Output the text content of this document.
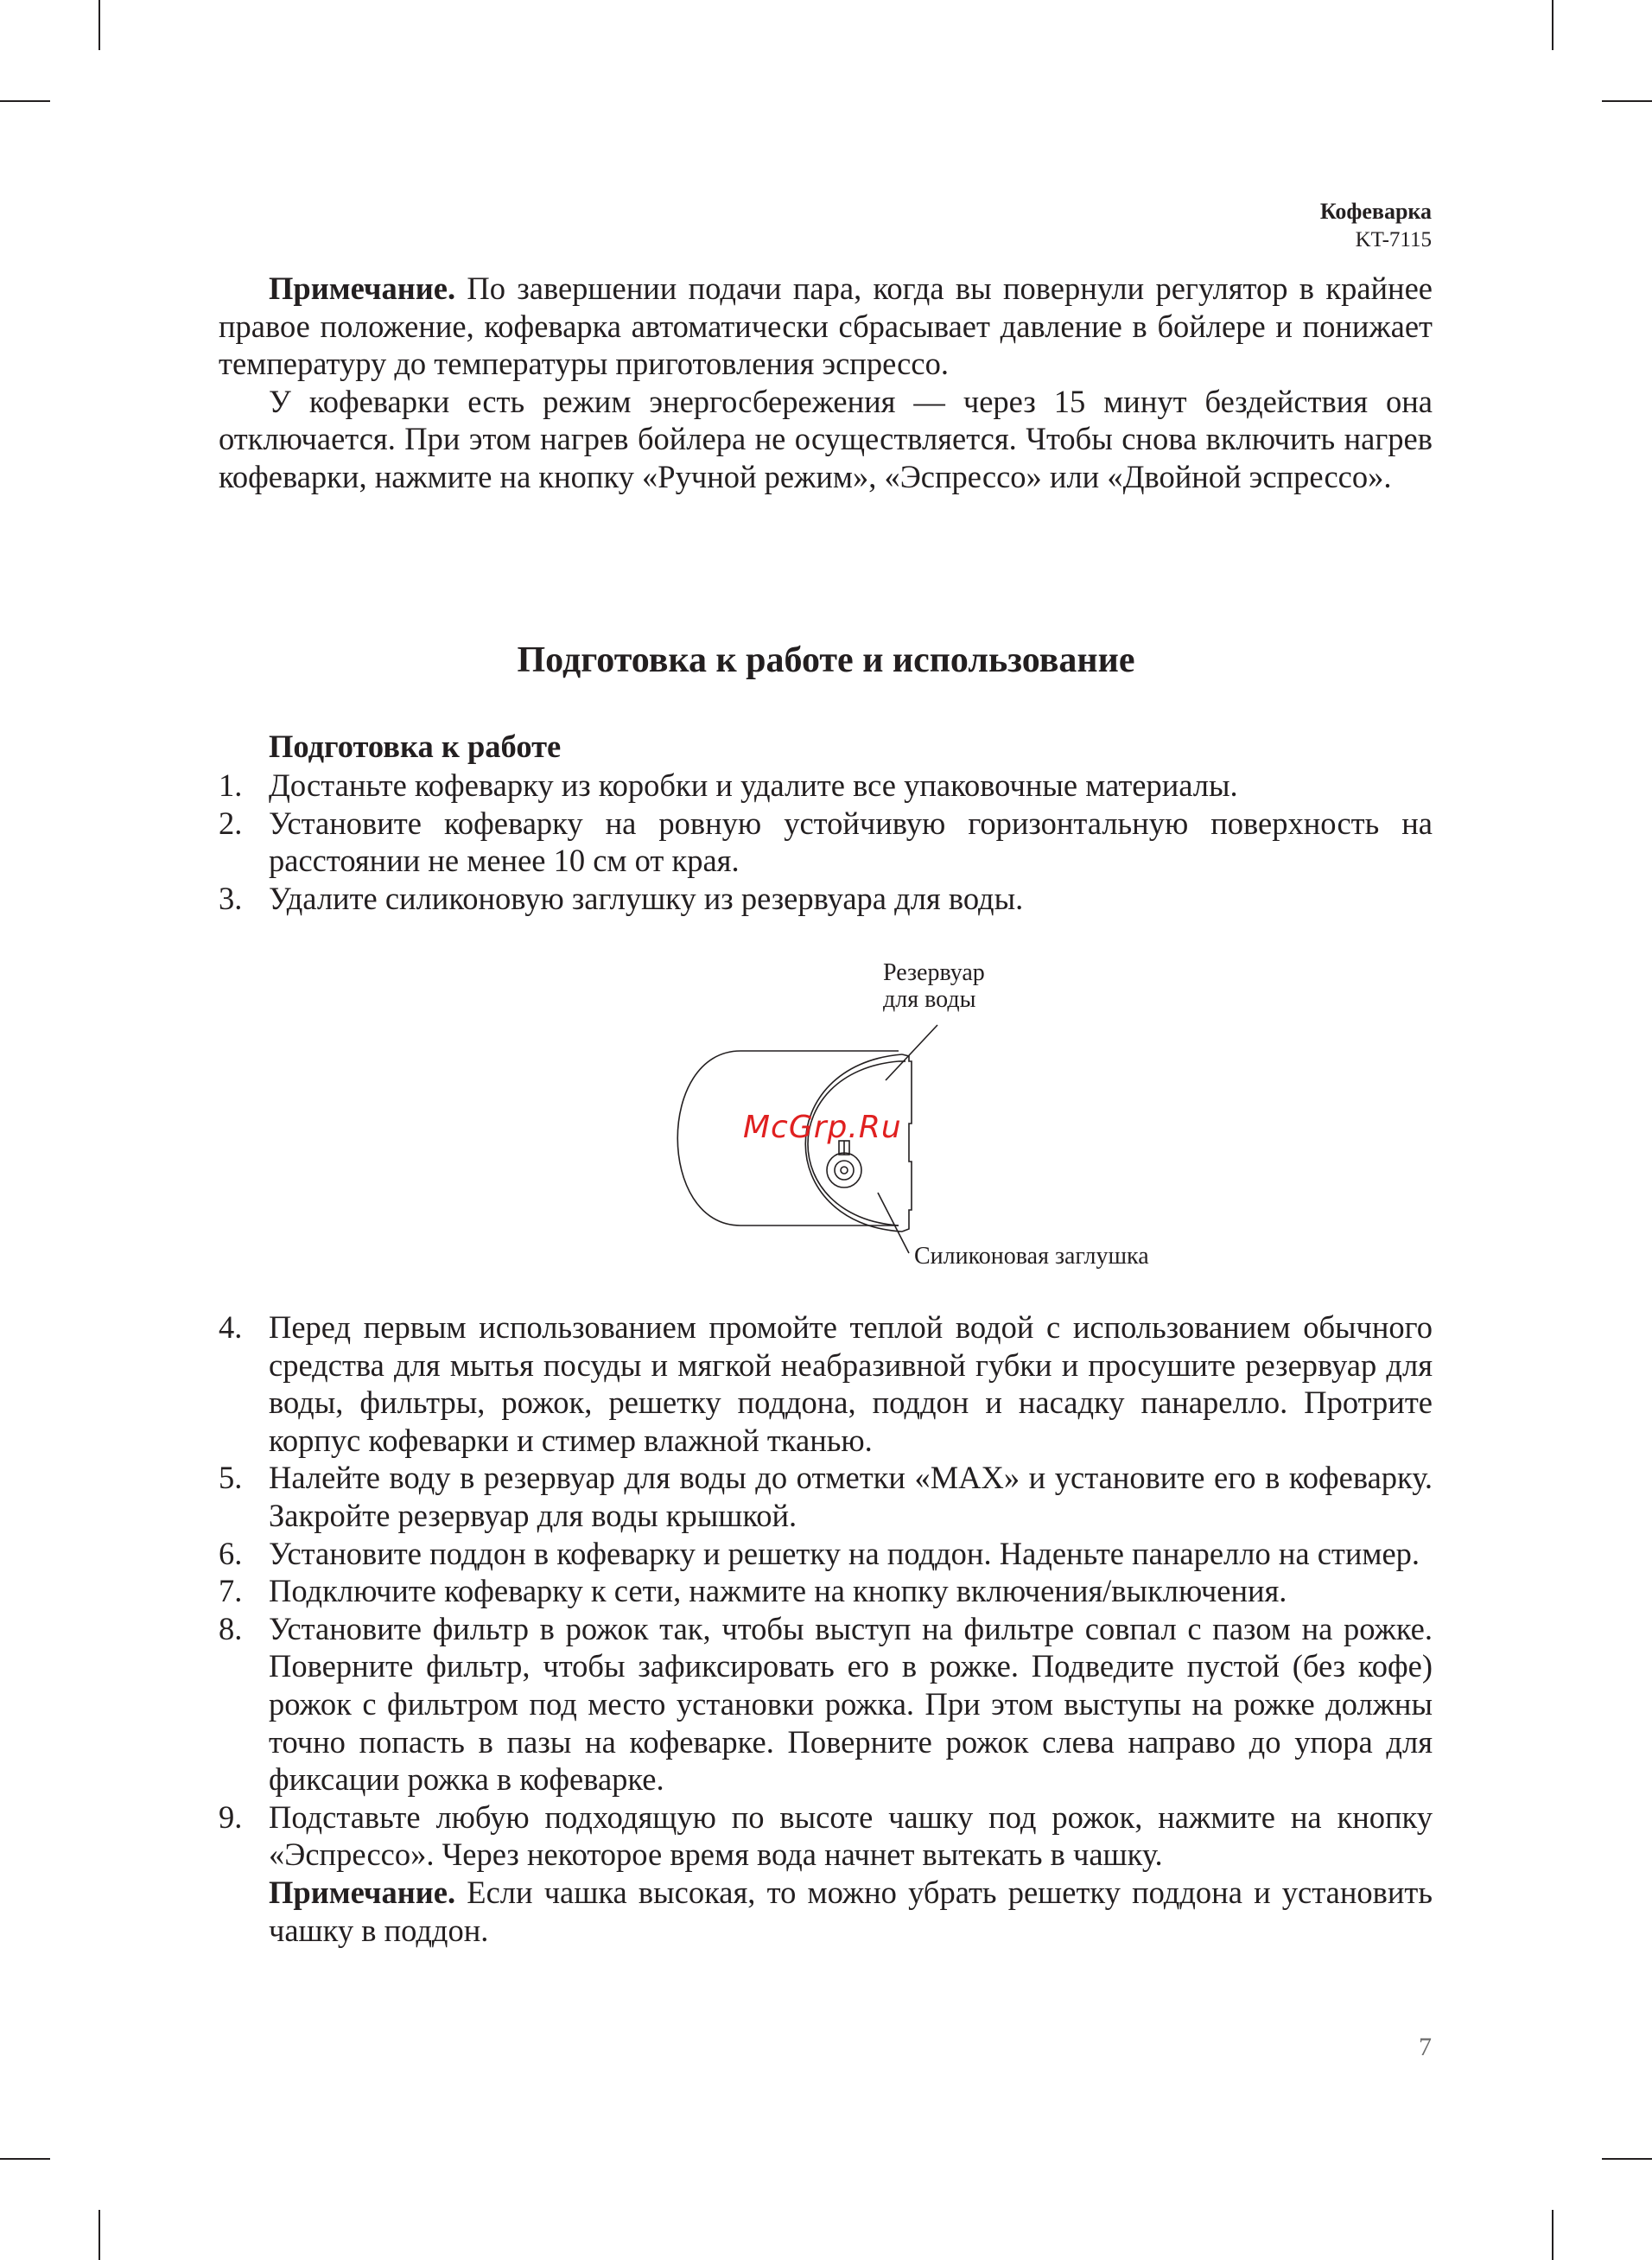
Кофеварка
KT-7115

Примечание. По завершении подачи пара, когда вы повернули регулятор в крайнее правое положение, кофеварка автоматически сбрасывает давление в бойлере и понижает температуру до температуры приготовления эспрессо.

У кофеварки есть режим энергосбережения — через 15 минут бездействия она отключается. При этом нагрев бойлера не осуществляется. Чтобы снова включить нагрев кофеварки, нажмите на кнопку «Ручной режим», «Эспрессо» или «Двойной эспрессо».

Подготовка к работе и использование
Подготовка к работе
1. Достаньте кофеварку из коробки и удалите все упаковочные материалы.
2. Установите кофеварку на ровную устойчивую горизонтальную поверхность на расстоянии не менее 10 см от края.
3. Удалите силиконовую заглушку из резервуара для воды.
Резервуар
для воды
Силиконовая заглушка
McGrp.Ru
4. Перед первым использованием промойте теплой водой с использованием обычного средства для мытья посуды и мягкой неабразивной губки и просушите резервуар для воды, фильтры, рожок, решетку поддона, поддон и насадку панарелло. Протрите корпус кофеварки и стимер влажной тканью.
5. Налейте воду в резервуар для воды до отметки «MAX» и установите его в кофеварку. Закройте резервуар для воды крышкой.
6. Установите поддон в кофеварку и решетку на поддон. Наденьте панарелло на стимер.
7. Подключите кофеварку к сети, нажмите на кнопку включения/выключения.
8. Установите фильтр в рожок так, чтобы выступ на фильтре совпал с пазом на рожке. Поверните фильтр, чтобы зафиксировать его в рожке. Подведите пустой (без кофе) рожок с фильтром под место установки рожка. При этом выступы на рожке должны точно попасть в пазы на кофеварке. Поверните рожок слева направо до упора для фиксации рожка в кофеварке.
9. Подставьте любую подходящую по высоте чашку под рожок, нажмите на кнопку «Эспрессо». Через некоторое время вода начнет вытекать в чашку.
Примечание. Если чашка высокая, то можно убрать решетку поддона и установить чашку в поддон.
7
